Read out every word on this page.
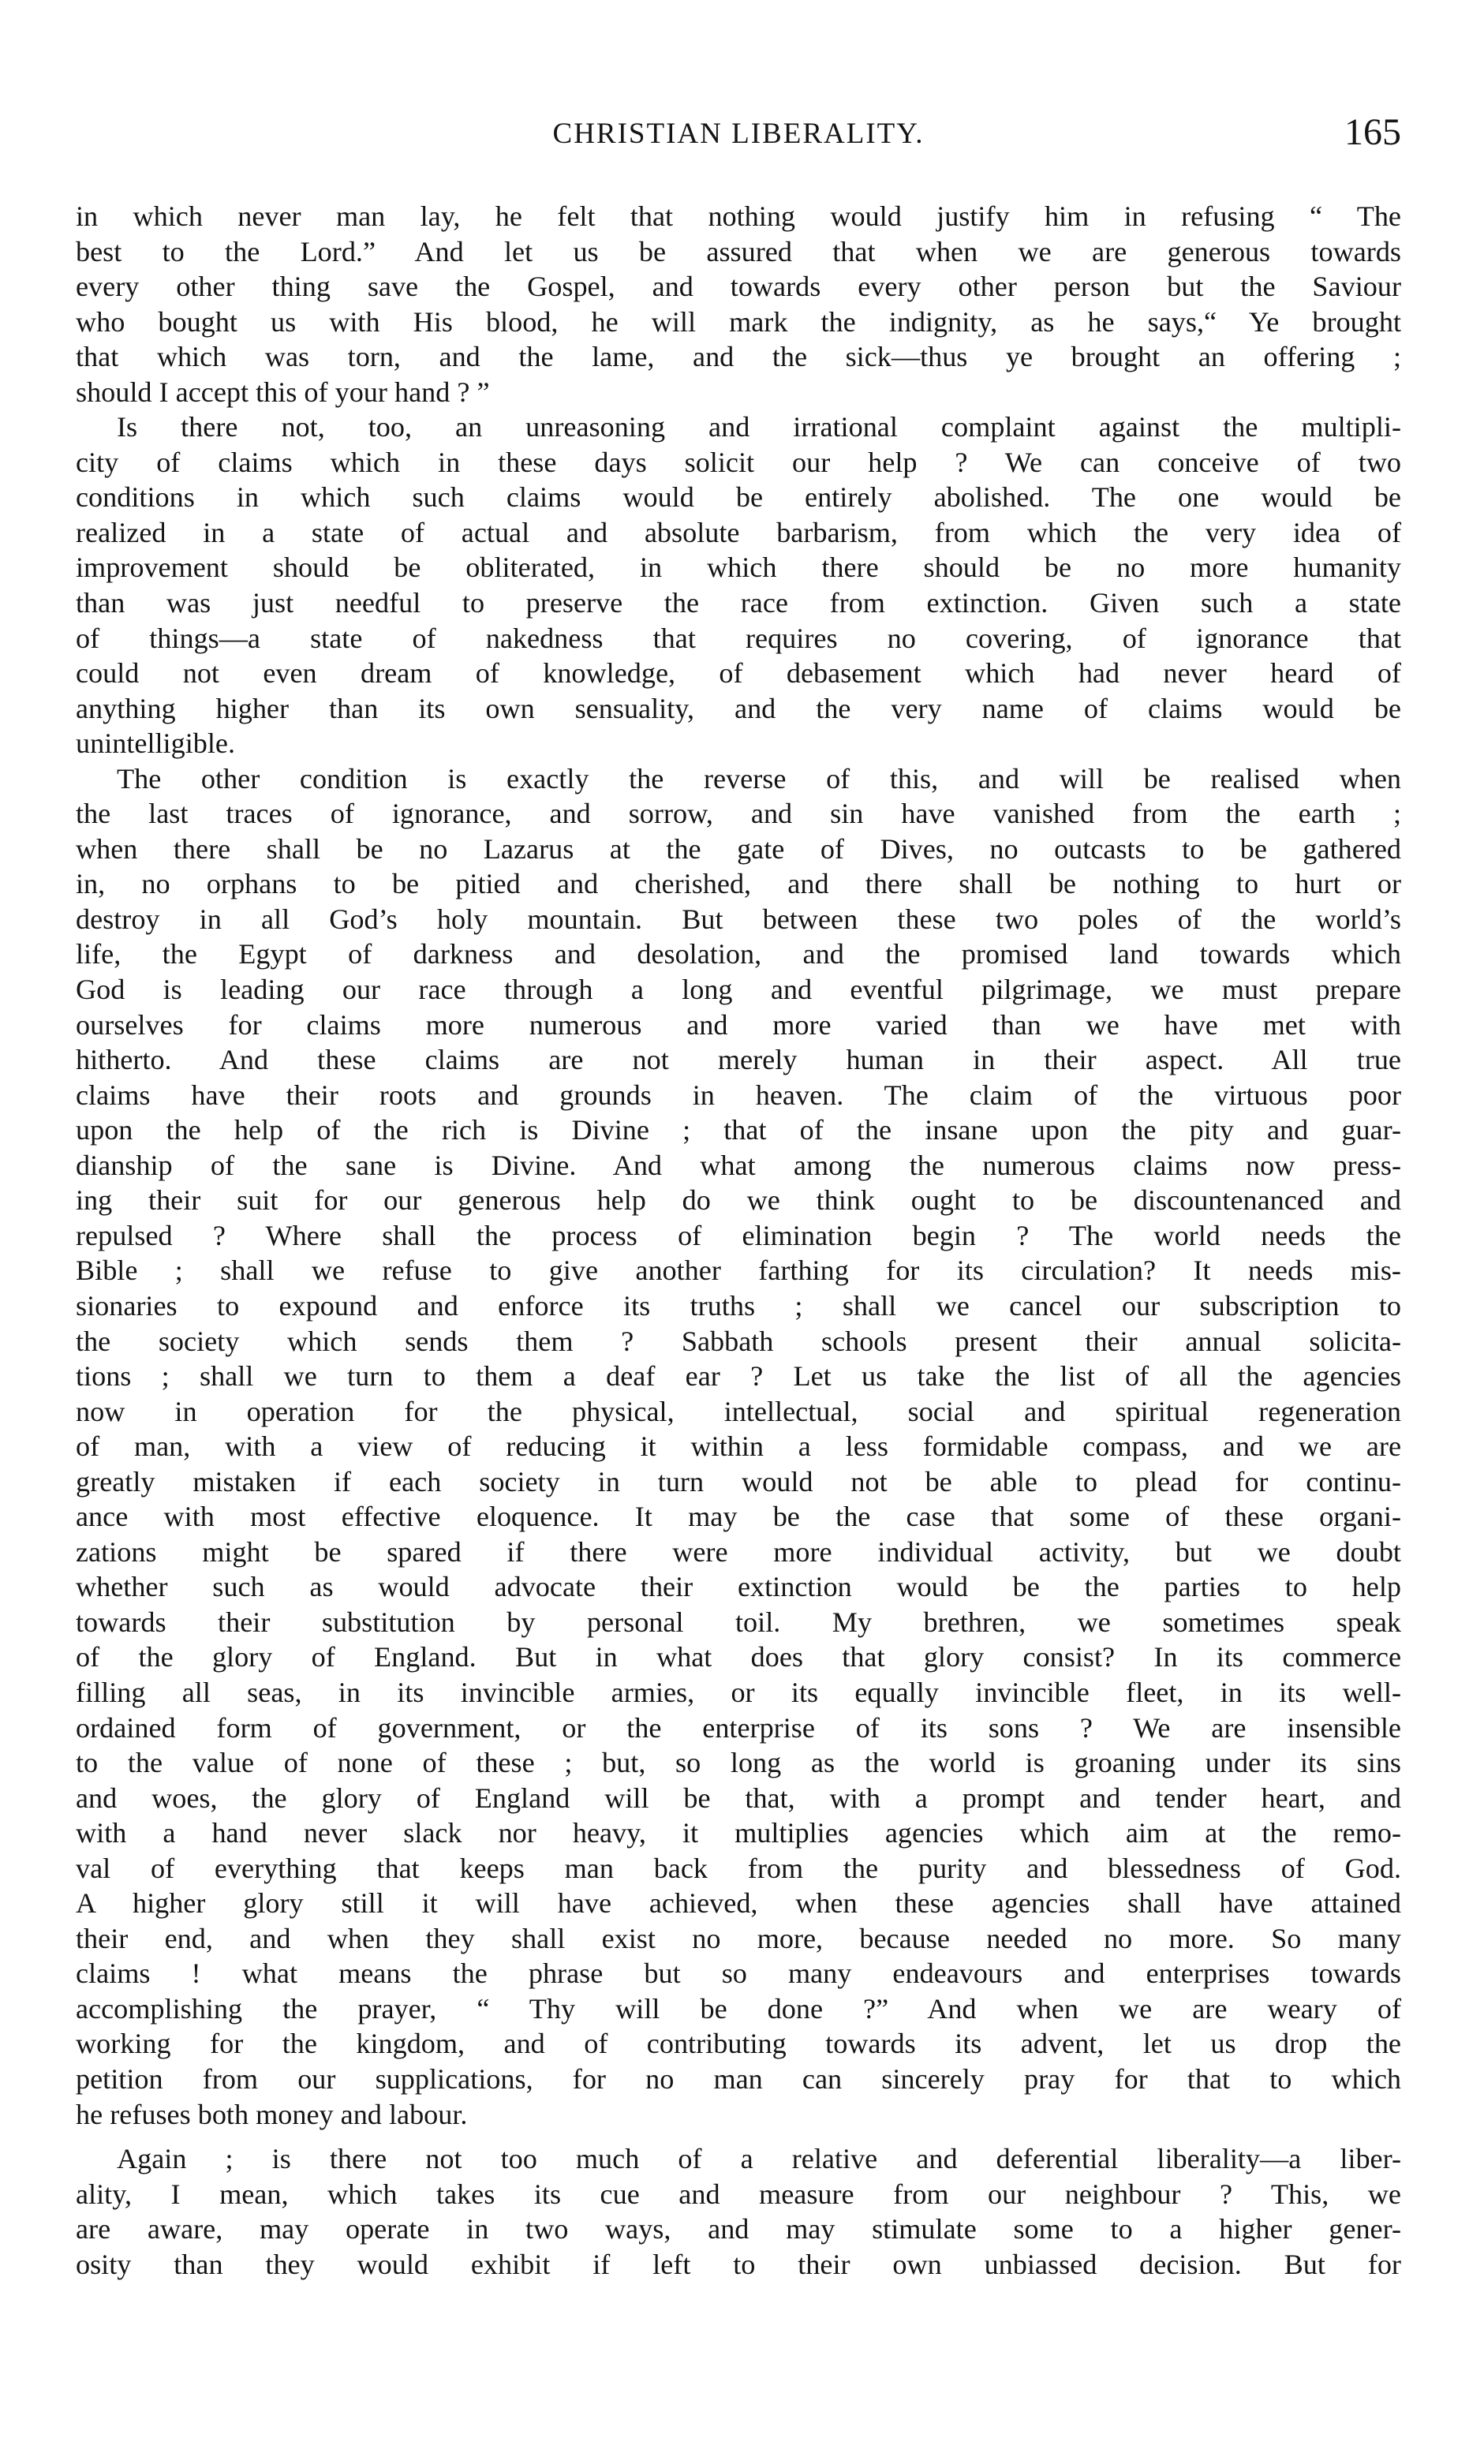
CHRISTIAN LIBERALITY.	165

in which never man lay, he felt that nothing would justify him in refusing “ The

best to the Lord.” And let us be assured that when we are generous towards

every other thing save the Gospel, and towards every other person but the Saviour

who bought us with His blood, he will mark the indignity, as he says,“ Ye brought

that which was torn, and the lame, and the sick—thus ye brought an offering ;

should I accept this of your hand ? ”

Is there not, too, an unreasoning and irrational complaint against the multipli-

city of claims which in these days solicit our help ? We can conceive of two

conditions in which such claims would be entirely abolished. The one would be

realized in a state of actual and absolute barbarism, from which the very idea of

improvement should be obliterated, in which there should be no more humanity

than was just needful to preserve the race from extinction. Given such a state

of things—a state of nakedness that requires no covering, of ignorance that

could not even dream of knowledge, of debasement which had never heard of

anything higher than its own sensuality, and the very name of claims would be

unintelligible.

The other condition is exactly the reverse of this, and will be realised when

the last traces of ignorance, and sorrow, and sin have vanished from the earth ;

when there shall be no Lazarus at the gate of Dives, no outcasts to be gathered

in, no orphans to be pitied and cherished, and there shall be nothing to hurt or

destroy in all God’s holy mountain. But between these two poles of the world’s

life, the Egypt of darkness and desolation, and the promised land towards which

God is leading our race through a long and eventful pilgrimage, we must prepare

ourselves for claims more numerous and more varied than we have met with

hitherto. And these claims are not merely human in their aspect. All true

claims have their roots and grounds in heaven. The claim of the virtuous poor

upon the help of the rich is Divine ; that of the insane upon the pity and guar-

dianship of the sane is Divine. And what among the numerous claims now press-

ing their suit for our generous help do we think ought to be discountenanced and

repulsed ? Where shall the process of elimination begin ? The world needs the

Bible ; shall we refuse to give another farthing for its circulation? It needs mis-

sionaries to expound and enforce its truths ; shall we cancel our subscription to

the society which sends them ? Sabbath schools present their annual solicita-

tions ; shall we turn to them a deaf ear ? Let us take the list of all the agencies

now in operation for the physical, intellectual, social and spiritual regeneration

of man, with a view of reducing it within a less formidable compass, and we are

greatly mistaken if each society in turn would not be able to plead for continu-

ance with most effective eloquence. It may be the case that some of these organi-

zations might be spared if there were more individual activity, but we doubt

whether such as would advocate their extinction would be the parties to help

towards their substitution by personal toil. My brethren, we sometimes speak

of the glory of England. But in what does that glory consist? In its commerce

filling all seas, in its invincible armies, or its equally invincible fleet, in its well-

ordained form of government, or the enterprise of its sons ? We are insensible

to the value of none of these ; but, so long as the world is groaning under its sins

and woes, the glory of England will be that, with a prompt and tender heart, and

with a hand never slack nor heavy, it multiplies agencies which aim at the remo-

val of everything that keeps man back from the purity and blessedness of God.

A higher glory still it will have achieved, when these agencies shall have attained

their end, and when they shall exist no more, because needed no more. So many

claims ! what means the phrase but so many endeavours and enterprises towards

accomplishing the prayer, “ Thy will be done ?” And when we are weary of

working for the kingdom, and of contributing towards its advent, let us drop the

petition from our supplications, for no man can sincerely pray for that to which

he refuses both money and labour.

Again ; is there not too much of a relative and deferential liberality—a liber-

ality, I mean, which takes its cue and measure from our neighbour ? This, we

are aware, may operate in two ways, and may stimulate some to a higher gener-

osity than they would exhibit if left to their own unbiassed decision. But for
